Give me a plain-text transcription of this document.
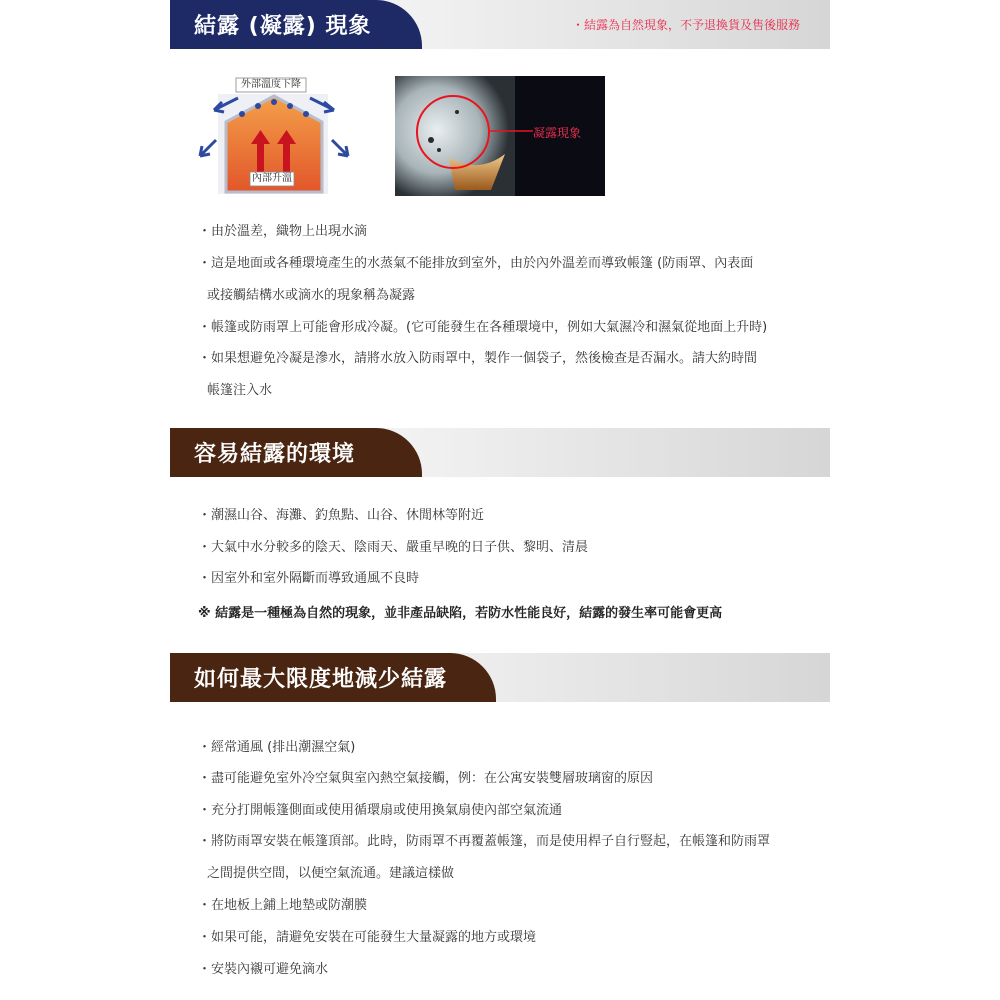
結露 (凝露) 現象	・結露為自然現象，不予退換貨及售後服務
外部溫度下降
內部升溫
凝露現象
・由於溫差，織物上出現水滴
・這是地面或各種環境產生的水蒸氣不能排放到室外，由於內外溫差而導致帳篷 (防雨罩、內表面
或接觸結構水或滴水的現象稱為凝露
・帳篷或防雨罩上可能會形成冷凝。(它可能發生在各種環境中，例如大氣濕冷和濕氣從地面上升時)
・如果想避免冷凝是滲水，請將水放入防雨罩中，製作一個袋子，然後檢查是否漏水。請大約時間
帳篷注入水
容易結露的環境
・潮濕山谷、海灘、釣魚點、山谷、休閒林等附近
・大氣中水分較多的陰天、陰雨天、嚴重早晚的日子供、黎明、清晨
・因室外和室外隔斷而導致通風不良時
※ 結露是一種極為自然的現象，並非產品缺陷，若防水性能良好，結露的發生率可能會更高
如何最大限度地減少結露
・經常通風 (排出潮濕空氣)
・盡可能避免室外冷空氣與室內熱空氣接觸，例：在公寓安裝雙層玻璃窗的原因
・充分打開帳篷側面或使用循環扇或使用換氣扇使內部空氣流通
・將防雨罩安裝在帳篷頂部。此時，防雨罩不再覆蓋帳篷，而是使用桿子自行豎起，在帳篷和防雨罩
之間提供空間，以便空氣流通。建議這樣做
・在地板上鋪上地墊或防潮膜
・如果可能，請避免安裝在可能發生大量凝露的地方或環境
・安裝內襯可避免滴水
